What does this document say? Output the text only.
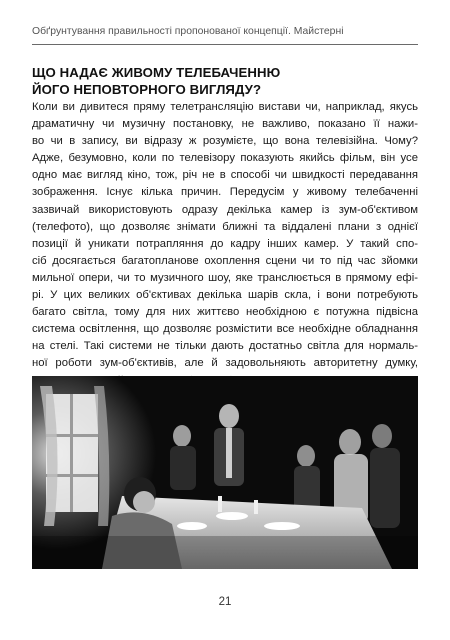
Обґрунтування правильності пропонованої концепції. Майстерні
ЩО НАДАЄ ЖИВОМУ ТЕЛЕБАЧЕННЮ
ЙОГО НЕПОВТОРНОГО ВИГЛЯДУ?
Коли ви дивитеся пряму телетрансляцію вистави чи, наприклад, якусь
драматичну чи музичну постановку, не важливо, показано її нажи-
во чи в запису, ви відразу ж розумієте, що вона телевізійна. Чому?
Адже, безумовно, коли по телевізору показують якийсь фільм, він усе
одно має вигляд кіно, тож, річ не в способі чи швидкості передавання
зображення. Існує кілька причин. Передусім у живому телебаченні
зазвичай використовують одразу декілька камер із зум-об'єктивом
(телефото), що дозволяє знімати ближні та віддалені плани з однієї
позиції й уникати потрапляння до кадру інших камер. У такий спо-
сіб досягається багатопланове охоплення сцени чи то під час зйомки
мильної опери, чи то музичного шоу, яке транслюється в прямому ефі-
рі. У цих великих об'єктивах декілька шарів скла, і вони потребують
багато світла, тому для них життєво необхідною є потужна підвісна
система освітлення, що дозволяє розмістити все необхідне обладнання
на стелі. Такі системи не тільки дають достатньо світла для нормаль-
ної роботи зум-об'єктивів, але й задовольняють авторитетну думку,
21
